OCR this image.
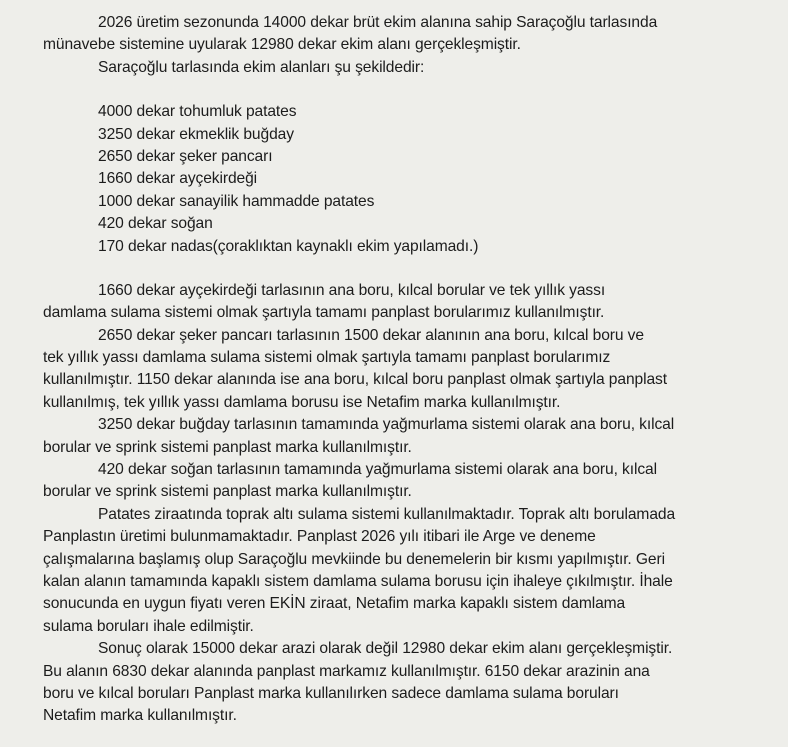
2026 üretim sezonunda 14000 dekar brüt ekim alanına sahip Saraçoğlu tarlasında
münavebe sistemine uyularak 12980 dekar ekim alanı gerçekleşmiştir.
Saraçoğlu tarlasında ekim alanları şu şekildedir:
4000 dekar tohumluk patates
3250 dekar ekmeklik buğday
2650 dekar şeker pancarı
1660 dekar ayçekirdeği
1000 dekar sanayilik hammadde patates
420 dekar soğan
170 dekar nadas(çoraklıktan kaynaklı ekim yapılamadı.)
1660 dekar ayçekirdeği tarlasının ana boru, kılcal borular ve tek yıllık yassı
damlama sulama sistemi olmak şartıyla tamamı panplast borularımız kullanılmıştır.
2650 dekar şeker pancarı tarlasının 1500 dekar alanının ana boru, kılcal boru ve
tek yıllık yassı damlama sulama sistemi olmak şartıyla tamamı panplast borularımız
kullanılmıştır. 1150 dekar alanında ise ana boru, kılcal boru panplast olmak şartıyla panplast
kullanılmış, tek yıllık yassı damlama borusu ise Netafim marka kullanılmıştır.
3250 dekar buğday tarlasının tamamında yağmurlama sistemi olarak ana boru, kılcal
borular ve sprink sistemi panplast marka kullanılmıştır.
420 dekar soğan tarlasının tamamında yağmurlama sistemi olarak ana boru, kılcal
borular ve sprink sistemi panplast marka kullanılmıştır.
Patates ziraatında toprak altı sulama sistemi kullanılmaktadır. Toprak altı borulamada
Panplastın üretimi bulunmamaktadır. Panplast 2026 yılı itibari ile Arge ve deneme
çalışmalarına başlamış olup Saraçoğlu mevkiinde bu denemelerin bir kısmı yapılmıştır. Geri
kalan alanın tamamında kapaklı sistem damlama sulama borusu için ihaleye çıkılmıştır. İhale
sonucunda en uygun fiyatı veren EKİN ziraat, Netafim marka kapaklı sistem damlama
sulama boruları ihale edilmiştir.
Sonuç olarak 15000 dekar arazi olarak değil 12980 dekar ekim alanı gerçekleşmiştir.
Bu alanın 6830 dekar alanında panplast markamız kullanılmıştır. 6150 dekar arazinin ana
boru ve kılcal boruları Panplast marka kullanılırken sadece damlama sulama boruları
Netafim marka kullanılmıştır.
